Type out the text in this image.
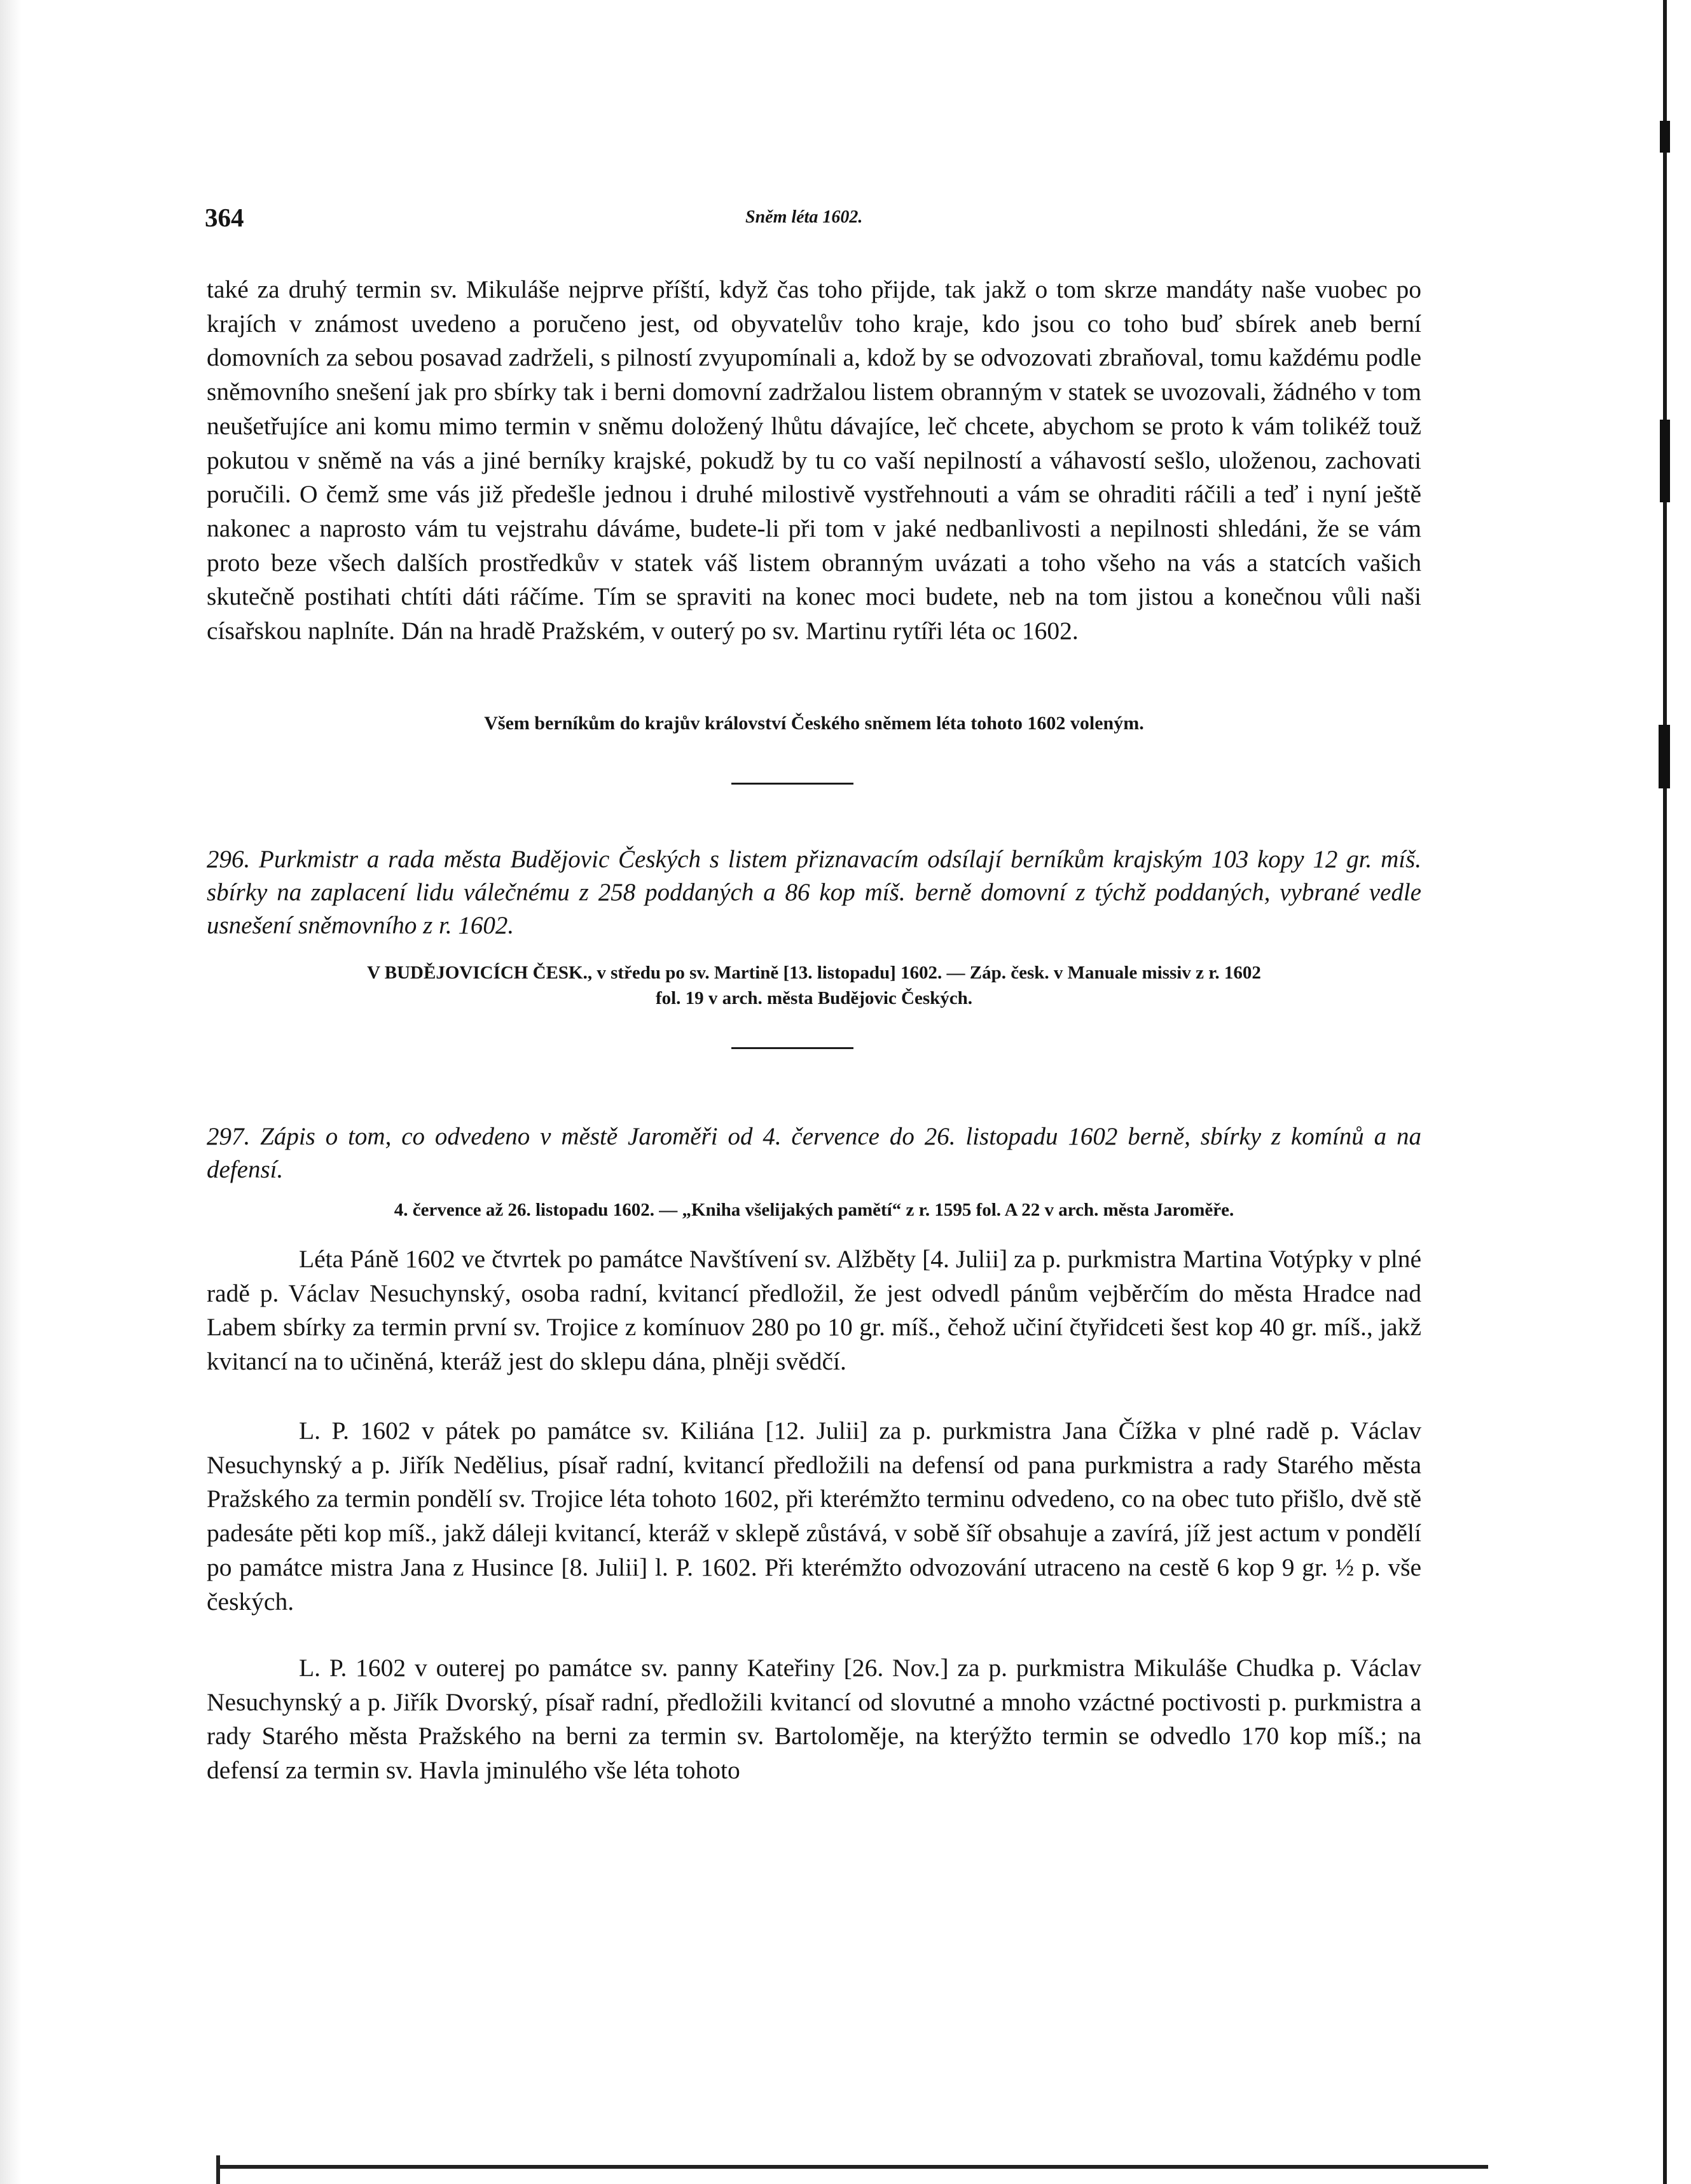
364	Sněm léta 1602.

také za druhý termin sv. Mikuláše nejprve příští, když čas toho přijde, tak jakž o tom skrze mandáty naše vuobec po krajích v známost uvedeno a poručeno jest, od obyvatelův toho kraje, kdo jsou co toho buď sbírek aneb berní domovních za sebou posavad zadrželi, s pilností zvyupomínali a, kdož by se odvozovati zbraňoval, tomu každému podle sněmovního snešení jak pro sbírky tak i berni domovní zadržalou listem obranným v statek se uvozovali, žádného v tom neušetřujíce ani komu mimo termin v sněmu doložený lhůtu dávajíce, leč chcete, abychom se proto k vám tolikéž touž pokutou v sněmě na vás a jiné berníky krajské, pokudž by tu co vaší nepilností a váhavostí sešlo, uloženou, zachovati poručili. O čemž sme vás již předešle jednou i druhé milostivě vystřehnouti a vám se ohraditi ráčili a teď i nyní ještě nakonec a naprosto vám tu vejstrahu dáváme, budete-li při tom v jaké nedbanlivosti a nepilnosti shledáni, že se vám proto beze všech dalších prostředkův v statek váš listem obranným uvázati a toho všeho na vás a statcích vašich skutečně postihati chtíti dáti ráčíme. Tím se spraviti na konec moci budete, neb na tom jistou a konečnou vůli naši císařskou naplníte. Dán na hradě Pražském, v outerý po sv. Martinu rytíři léta oc 1602.

Všem berníkům do krajův království Českého sněmem léta tohoto 1602 voleným.

296. Purkmistr a rada města Budějovic Českých s listem přiznavacím odsílají berníkům krajským 103 kopy 12 gr. míš. sbírky na zaplacení lidu válečnému z 258 poddaných a 86 kop míš. berně domovní z týchž poddaných, vybrané vedle usnešení sněmovního z r. 1602.

V BUDĚJOVICÍCH ČESK., v středu po sv. Martině [13. listopadu] 1602. — Záp. česk. v Manuale missiv z r. 1602
fol. 19 v arch. města Budějovic Českých.

297. Zápis o tom, co odvedeno v městě Jaroměři od 4. července do 26. listopadu 1602 berně, sbírky z komínů a na defensí.

4. července až 26. listopadu 1602. — „Kniha všelijakých pamětí“ z r. 1595 fol. A 22 v arch. města Jaroměře.

Léta Páně 1602 ve čtvrtek po památce Navštívení sv. Alžběty [4. Julii] za p. purkmistra Martina Votýpky v plné radě p. Václav Nesuchynský, osoba radní, kvitancí předložil, že jest odvedl pánům vejběrčím do města Hradce nad Labem sbírky za termin první sv. Trojice z komínuov 280 po 10 gr. míš., čehož učiní čtyřidceti šest kop 40 gr. míš., jakž kvitancí na to učiněná, kteráž jest do sklepu dána, plněji svědčí.

L. P. 1602 v pátek po památce sv. Kiliána [12. Julii] za p. purkmistra Jana Čížka v plné radě p. Václav Nesuchynský a p. Jiřík Nedělius, písař radní, kvitancí předložili na defensí od pana purkmistra a rady Starého města Pražského za termin pondělí sv. Trojice léta tohoto 1602, při kterémžto terminu odvedeno, co na obec tuto přišlo, dvě stě padesáte pěti kop míš., jakž dáleji kvitancí, kteráž v sklepě zůstává, v sobě šíř obsahuje a zavírá, jíž jest actum v pondělí po památce mistra Jana z Husince [8. Julii] l. P. 1602. Při kterémžto odvozování utraceno na cestě 6 kop 9 gr. ½ p. vše českých.

L. P. 1602 v outerej po památce sv. panny Kateřiny [26. Nov.] za p. purkmistra Mikuláše Chudka p. Václav Nesuchynský a p. Jiřík Dvorský, písař radní, předložili kvitancí od slovutné a mnoho vzáctné poctivosti p. purkmistra a rady Starého města Pražského na berni za termin sv. Bartoloměje, na kterýžto termin se odvedlo 170 kop míš.; na defensí za termin sv. Havla jminulého vše léta tohoto
